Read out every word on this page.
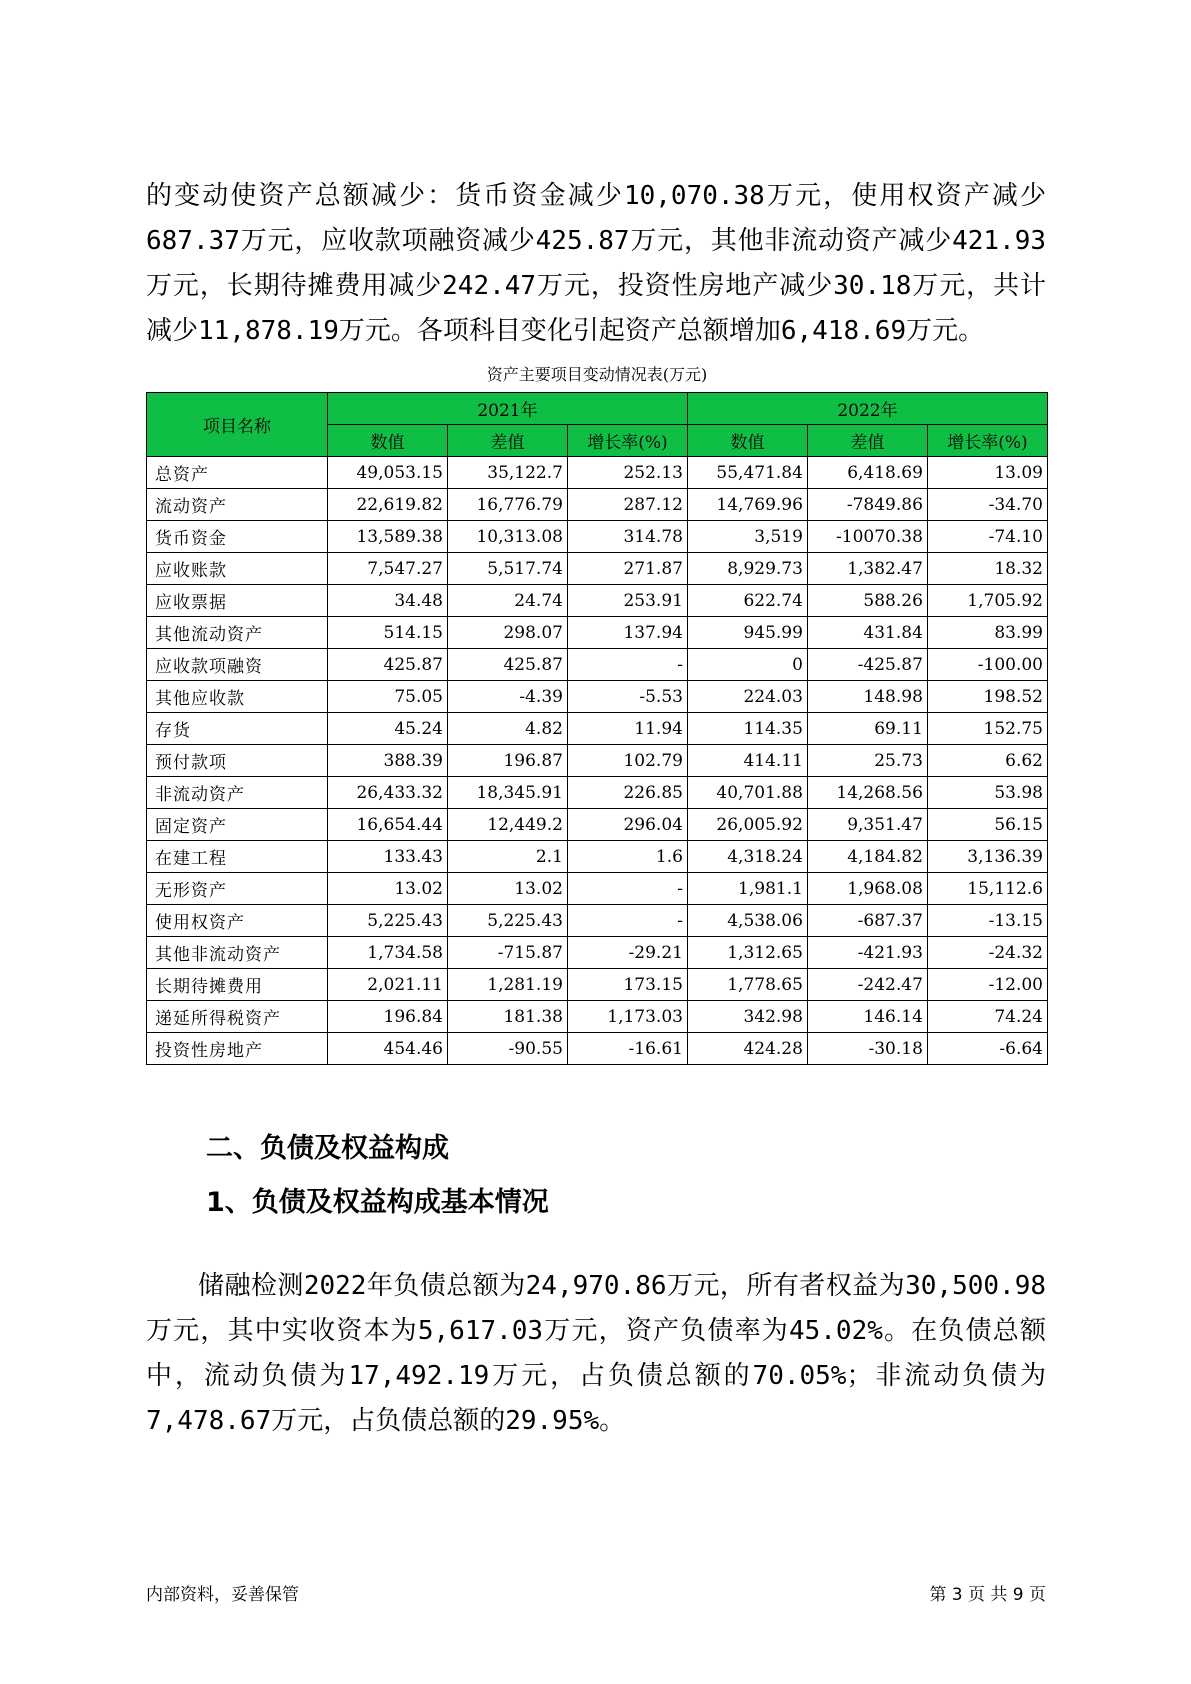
的变动使资产总额减少：货币资金减少10,070.38万元，使用权资产减少687.37万元，应收款项融资减少425.87万元，其他非流动资产减少421.93万元，长期待摊费用减少242.47万元，投资性房地产减少30.18万元，共计减少11,878.19万元。各项科目变化引起资产总额增加6,418.69万元。

资产主要项目变动情况表(万元)
项目名称	2021年			2022年		
	数值	差值	增长率(%)	数值	差值	增长率(%)
总资产	49,053.15	35,122.7	252.13	55,471.84	6,418.69	13.09
流动资产	22,619.82	16,776.79	287.12	14,769.96	-7849.86	-34.70
货币资金	13,589.38	10,313.08	314.78	3,519	-10070.38	-74.10
应收账款	7,547.27	5,517.74	271.87	8,929.73	1,382.47	18.32
应收票据	34.48	24.74	253.91	622.74	588.26	1,705.92
其他流动资产	514.15	298.07	137.94	945.99	431.84	83.99
应收款项融资	425.87	425.87	-	0	-425.87	-100.00
其他应收款	75.05	-4.39	-5.53	224.03	148.98	198.52
存货	45.24	4.82	11.94	114.35	69.11	152.75
预付款项	388.39	196.87	102.79	414.11	25.73	6.62
非流动资产	26,433.32	18,345.91	226.85	40,701.88	14,268.56	53.98
固定资产	16,654.44	12,449.2	296.04	26,005.92	9,351.47	56.15
在建工程	133.43	2.1	1.6	4,318.24	4,184.82	3,136.39
无形资产	13.02	13.02	-	1,981.1	1,968.08	15,112.6
使用权资产	5,225.43	5,225.43	-	4,538.06	-687.37	-13.15
其他非流动资产	1,734.58	-715.87	-29.21	1,312.65	-421.93	-24.32
长期待摊费用	2,021.11	1,281.19	173.15	1,778.65	-242.47	-12.00
递延所得税资产	196.84	181.38	1,173.03	342.98	146.14	74.24
投资性房地产	454.46	-90.55	-16.61	424.28	-30.18	-6.64
二、负债及权益构成
1、负债及权益构成基本情况

储融检测2022年负债总额为24,970.86万元，所有者权益为30,500.98万元，其中实收资本为5,617.03万元，资产负债率为45.02%。在负债总额中，流动负债为17,492.19万元，占负债总额的70.05%；非流动负债为7,478.67万元，占负债总额的29.95%。

内部资料，妥善保管	第 3 页 共 9 页
